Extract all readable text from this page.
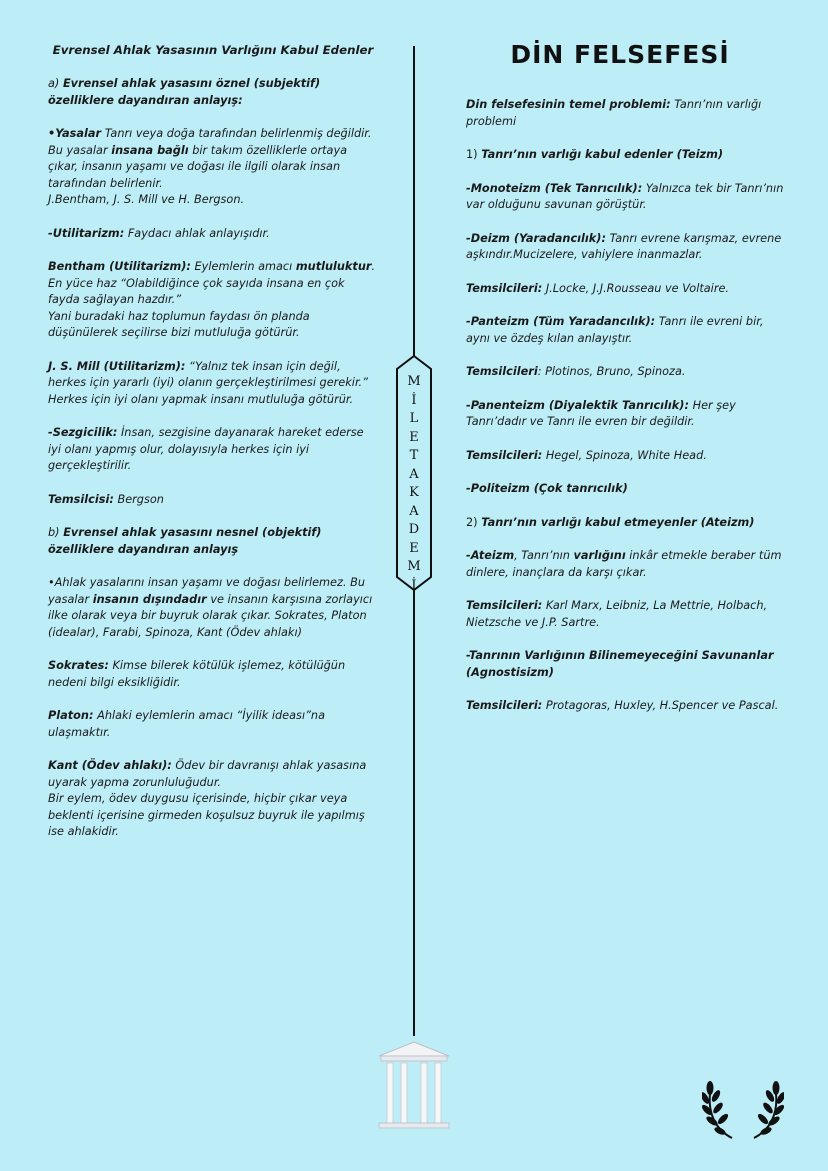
Evrensel Ahlak Yasasının Varlığını Kabul Edenler

a) Evrensel ahlak yasasını öznel (subjektif) özelliklere dayandıran anlayış:

•Yasalar Tanrı veya doğa tarafından belirlenmiş değildir. Bu yasalar insana bağlı bir takım özelliklerle ortaya çıkar, insanın yaşamı ve doğası ile ilgili olarak insan tarafından belirlenir.
J.Bentham, J. S. Mill ve H. Bergson.

-Utilitarizm: Faydacı ahlak anlayışıdır.

Bentham (Utilitarizm): Eylemlerin amacı mutluluktur. En yüce haz “Olabildiğince çok sayıda insana en çok fayda sağlayan hazdır.”
Yani buradaki haz toplumun faydası ön planda düşünülerek seçilirse bizi mutluluğa götürür.

J. S. Mill (Utilitarizm): “Yalnız tek insan için değil, herkes için yararlı (iyi) olanın gerçekleştirilmesi gerekir.”
Herkes için iyi olanı yapmak insanı mutluluğa götürür.

-Sezgicilik: İnsan, sezgisine dayanarak hareket ederse iyi olanı yapmış olur, dolayısıyla herkes için iyi gerçekleştirilir.

Temsilcisi: Bergson

b) Evrensel ahlak yasasını nesnel (objektif) özelliklere dayandıran anlayış

•Ahlak yasalarını insan yaşamı ve doğası belirlemez. Bu yasalar insanın dışındadır ve insanın karşısına zorlayıcı ilke olarak veya bir buyruk olarak çıkar. Sokrates, Platon (idealar), Farabi, Spinoza, Kant (Ödev ahlakı)

Sokrates: Kimse bilerek kötülük işlemez, kötülüğün nedeni bilgi eksikliğidir.

Platon: Ahlaki eylemlerin amacı “İyilik ideası”na ulaşmaktır.

Kant (Ödev ahlakı): Ödev bir davranışı ahlak yasasına uyarak yapma zorunluluğudur.
Bir eylem, ödev duygusu içerisinde, hiçbir çıkar veya beklenti içerisine girmeden koşulsuz buyruk ile yapılmış ise ahlakidir.

M
İ
L
E
T
A
K
A
D
E
M
İ
DİN FELSEFESİ

Din felsefesinin temel problemi: Tanrı’nın varlığı problemi

1) Tanrı’nın varlığı kabul edenler (Teizm)

-Monoteizm (Tek Tanrıcılık): Yalnızca tek bir Tanrı’nın var olduğunu savunan görüştür.

-Deizm (Yaradancılık): Tanrı evrene karışmaz, evrene aşkındır.Mucizelere, vahiylere inanmazlar.

Temsilcileri: J.Locke, J.J.Rousseau ve Voltaire.

-Panteizm (Tüm Yaradancılık): Tanrı ile evreni bir, aynı ve özdeş kılan anlayıştır.

Temsilcileri: Plotinos, Bruno, Spinoza.

-Panenteizm (Diyalektik Tanrıcılık): Her şey Tanrı’dadır ve Tanrı ile evren bir değildir.

Temsilcileri: Hegel, Spinoza, White Head.

-Politeizm (Çok tanrıcılık)

2) Tanrı’nın varlığı kabul etmeyenler (Ateizm)

-Ateizm, Tanrı’nın varlığını inkâr etmekle beraber tüm dinlere, inançlara da karşı çıkar.

Temsilcileri: Karl Marx, Leibniz, La Mettrie, Holbach, Nietzsche ve J.P. Sartre.

-Tanrının Varlığının Bilinemeyeceğini Savunanlar (Agnostisizm)

Temsilcileri: Protagoras, Huxley, H.Spencer ve Pascal.
